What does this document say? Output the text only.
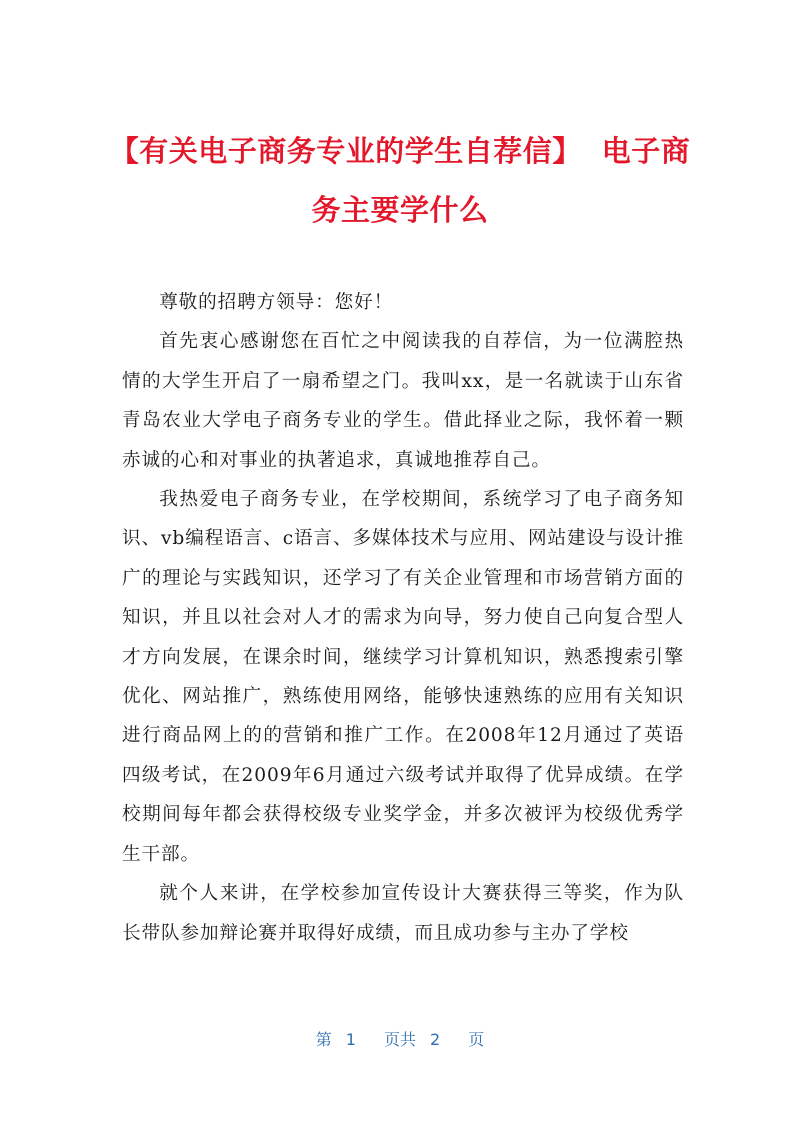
【有关电子商务专业的学生自荐信】 电子商
务主要学什么

尊敬的招聘方领导：您好！

首先衷心感谢您在百忙之中阅读我的自荐信，为一位满腔热情的大学生开启了一扇希望之门。我叫xx，是一名就读于山东省青岛农业大学电子商务专业的学生。借此择业之际，我怀着一颗赤诚的心和对事业的执著追求，真诚地推荐自己。

我热爱电子商务专业，在学校期间，系统学习了电子商务知识、vb编程语言、c语言、多媒体技术与应用、网站建设与设计推广的理论与实践知识，还学习了有关企业管理和市场营销方面的知识，并且以社会对人才的需求为向导，努力使自己向复合型人才方向发展，在课余时间，继续学习计算机知识，熟悉搜索引擎优化、网站推广，熟练使用网络，能够快速熟练的应用有关知识进行商品网上的的营销和推广工作。在2008年12月通过了英语四级考试，在2009年6月通过六级考试并取得了优异成绩。在学校期间每年都会获得校级专业奖学金，并多次被评为校级优秀学生干部。

就个人来讲，在学校参加宣传设计大赛获得三等奖，作为队长带队参加辩论赛并取得好成绩，而且成功参与主办了学校

第 1 页共 2 页
